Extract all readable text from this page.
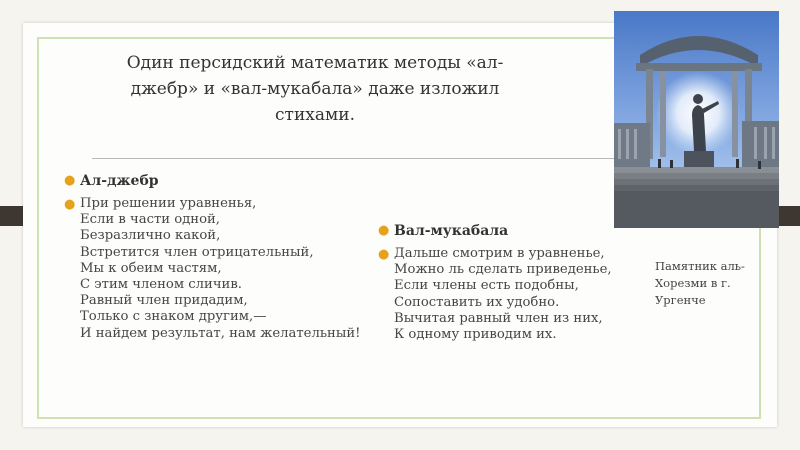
Один персидский математик методы «ал-джебр» и «вал-мукабала» даже изложил стихами.
● Ал-джебр
● При решении уравненья,
Если в части одной,
Безразлично какой,
Встретится член отрицательный,
Мы к обеим частям,
С этим членом сличив.
Равный член придадим,
Только с знаком другим,—
И найдем результат, нам желательный!
● Вал-мукабала
● Дальше смотрим в уравненье,
Можно ль сделать приведенье,
Если члены есть подобны,
Сопоставить их удобно.
Вычитая равный член из них,
К одному приводим их.
Памятник аль-Хорезми в г. Ургенче
